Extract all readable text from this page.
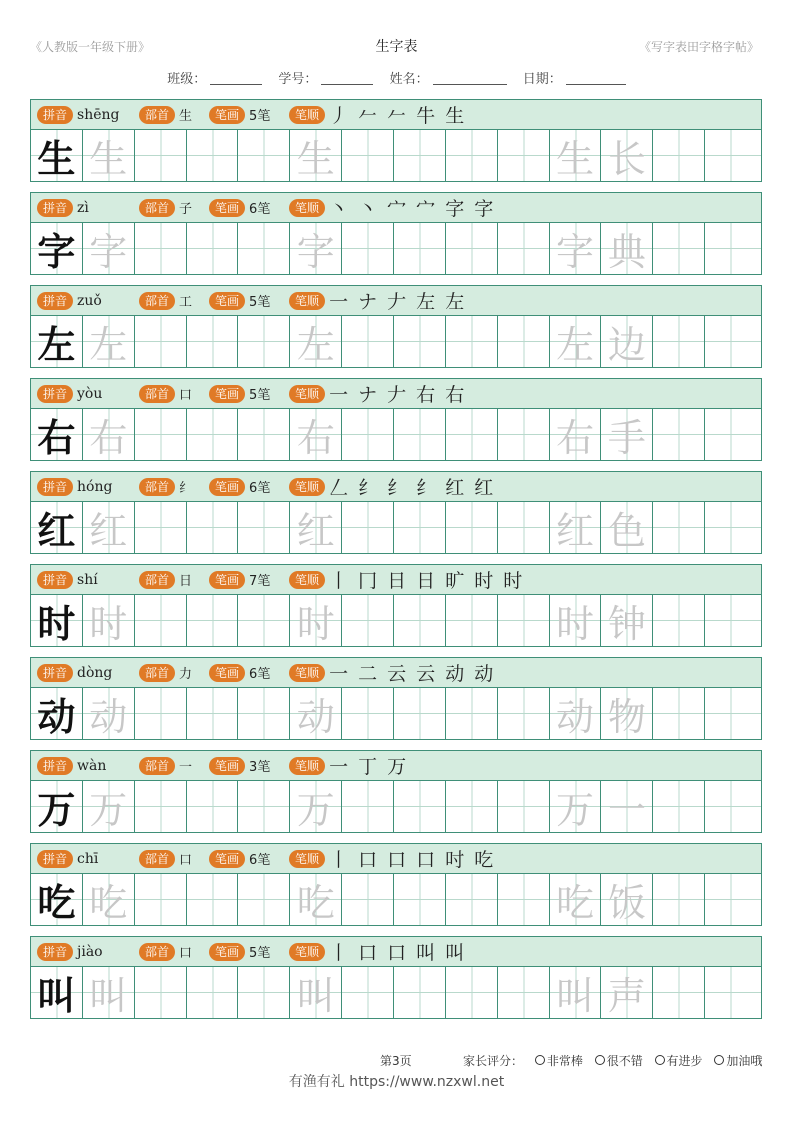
《人教版一年级下册》	生字表	《写字表田字格字帖》
班级：	学号：	姓名：	日期：
拼音 shēng	部首 生	笔画 5笔	笔顺 丿 𠂉 𠂉 牛 生
生 生	生	生 长
拼音 zì	部首 子	笔画 6笔	笔顺 丶 丶 宀 宀 字 字
字 字	字	字 典
拼音 zuǒ	部首 工	笔画 5笔	笔顺 一 ナ 𠂇 左 左
左 左	左	左 边
拼音 yòu	部首 口	笔画 5笔	笔顺 一 ナ 𠂇 右 右
右 右	右	右 手
拼音 hóng	部首 纟	笔画 6笔	笔顺 𠃋 纟 纟 纟 红 红
红 红	红	红 色
拼音 shí	部首 日	笔画 7笔	笔顺 丨 冂 日 日 旷 时 时
时 时	时	时 钟
拼音 dòng	部首 力	笔画 6笔	笔顺 一 二 云 云 动 动
动 动	动	动 物
拼音 wàn	部首 一	笔画 3笔	笔顺 一 丁 万
万 万	万	万 一
拼音 chī	部首 口	笔画 6笔	笔顺 丨 口 口 口 吋 吃
吃 吃	吃	吃 饭
拼音 jiào	部首 口	笔画 5笔	笔顺 丨 口 口 叫 叫
叫 叫	叫	叫 声
第3页	家长评分： 非常棒 很不错 有进步 加油哦
有渔有礼 https://www.nzxwl.net
